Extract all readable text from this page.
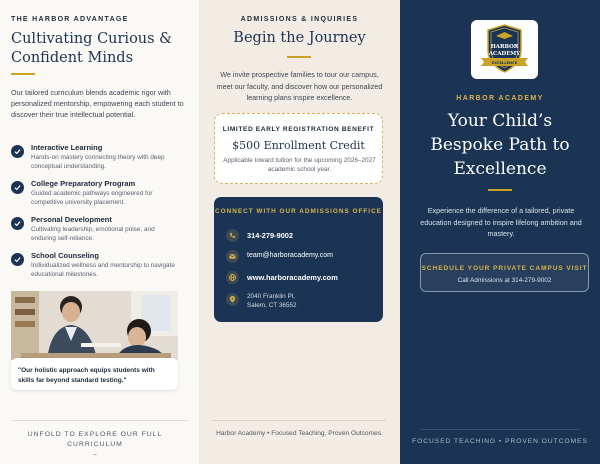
THE HARBOR ADVANTAGE
Cultivating Curious &
Confident Minds

Our tailored curriculum blends academic rigor with personalized mentorship, empowering each student to discover their true intellectual potential.

Interactive Learning
Hands-on mastery connecting theory with deep conceptual understanding.
College Preparatory Program
Guided academic pathways engineered for competitive university placement.
Personal Development
Cultivating leadership, emotional poise, and enduring self-reliance.
School Counseling
Individualized wellness and mentorship to navigate educational milestones.
"Our holistic approach equips students with skills far beyond standard testing."
UNFOLD TO EXPLORE OUR FULL CURRICULUM
→
ADMISSIONS & INQUIRIES
Begin the Journey

We invite prospective families to tour our campus, meet our faculty, and discover how our personalized learning plans inspire excellence.

Harbor Academy • Focused Teaching, Proven Outcomes.
LIMITED EARLY REGISTRATION BENEFIT
$500 Enrollment Credit
Applicable toward tuition for the upcoming 2026–2027 academic school year.
CONNECT WITH OUR ADMISSIONS OFFICE
314-279-9002
team@harboracademy.com
www.harboracademy.com
2040 Franklin Pl,
Salem, CT 36552
HARBOR ACADEMY
Your Child’s
Bespoke Path to
Excellence

Experience the difference of a tailored, private education designed to inspire lifelong ambition and mastery.

FOCUSED TEACHING • PROVEN OUTCOMES
HARBOR
ACADEMY
EXCELLENCE
SCHEDULE YOUR PRIVATE CAMPUS VISIT
Call Admissions at 314-279-9002
